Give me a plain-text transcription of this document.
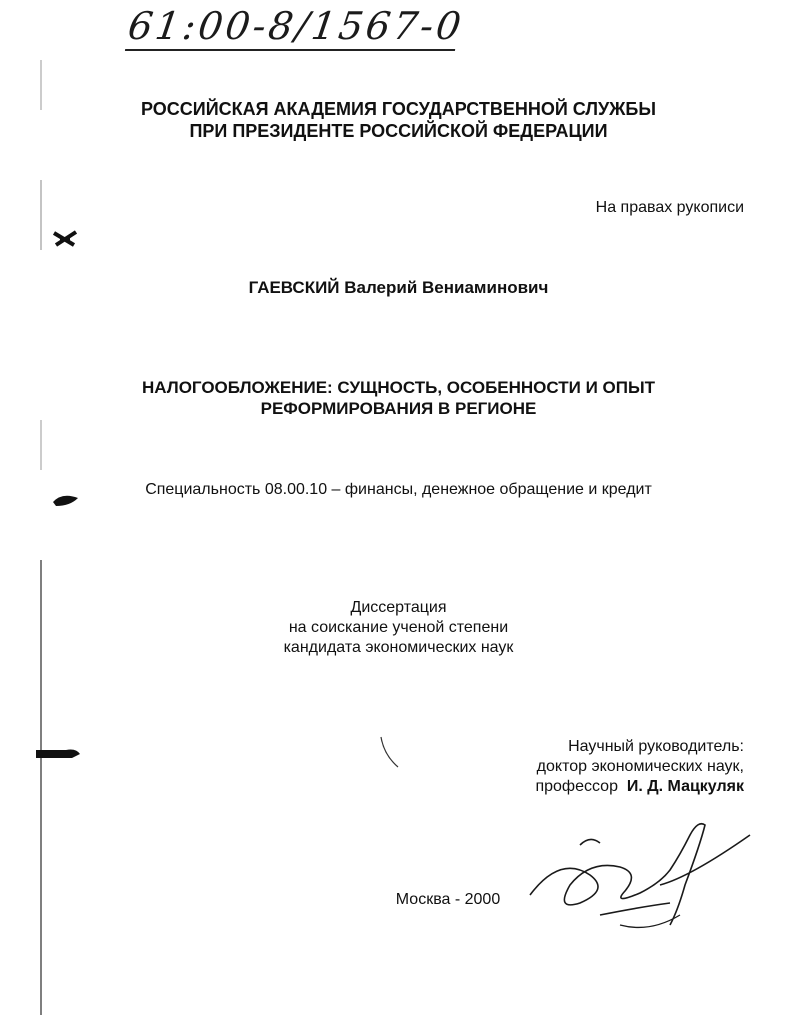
61:00-8/1567-0
РОССИЙСКАЯ АКАДЕМИЯ ГОСУДАРСТВЕННОЙ СЛУЖБЫ
ПРИ ПРЕЗИДЕНТЕ РОССИЙСКОЙ ФЕДЕРАЦИИ
На правах рукописи
ГАЕВСКИЙ Валерий Вениаминович
НАЛОГООБЛОЖЕНИЕ: СУЩНОСТЬ, ОСОБЕННОСТИ И ОПЫТ
РЕФОРМИРОВАНИЯ В РЕГИОНЕ
Специальность 08.00.10 – финансы, денежное обращение и кредит
Диссертация
на соискание ученой степени
кандидата экономических наук
Научный руководитель:
доктор экономических наук,
профессор И. Д. Мацкуляк
Москва - 2000
